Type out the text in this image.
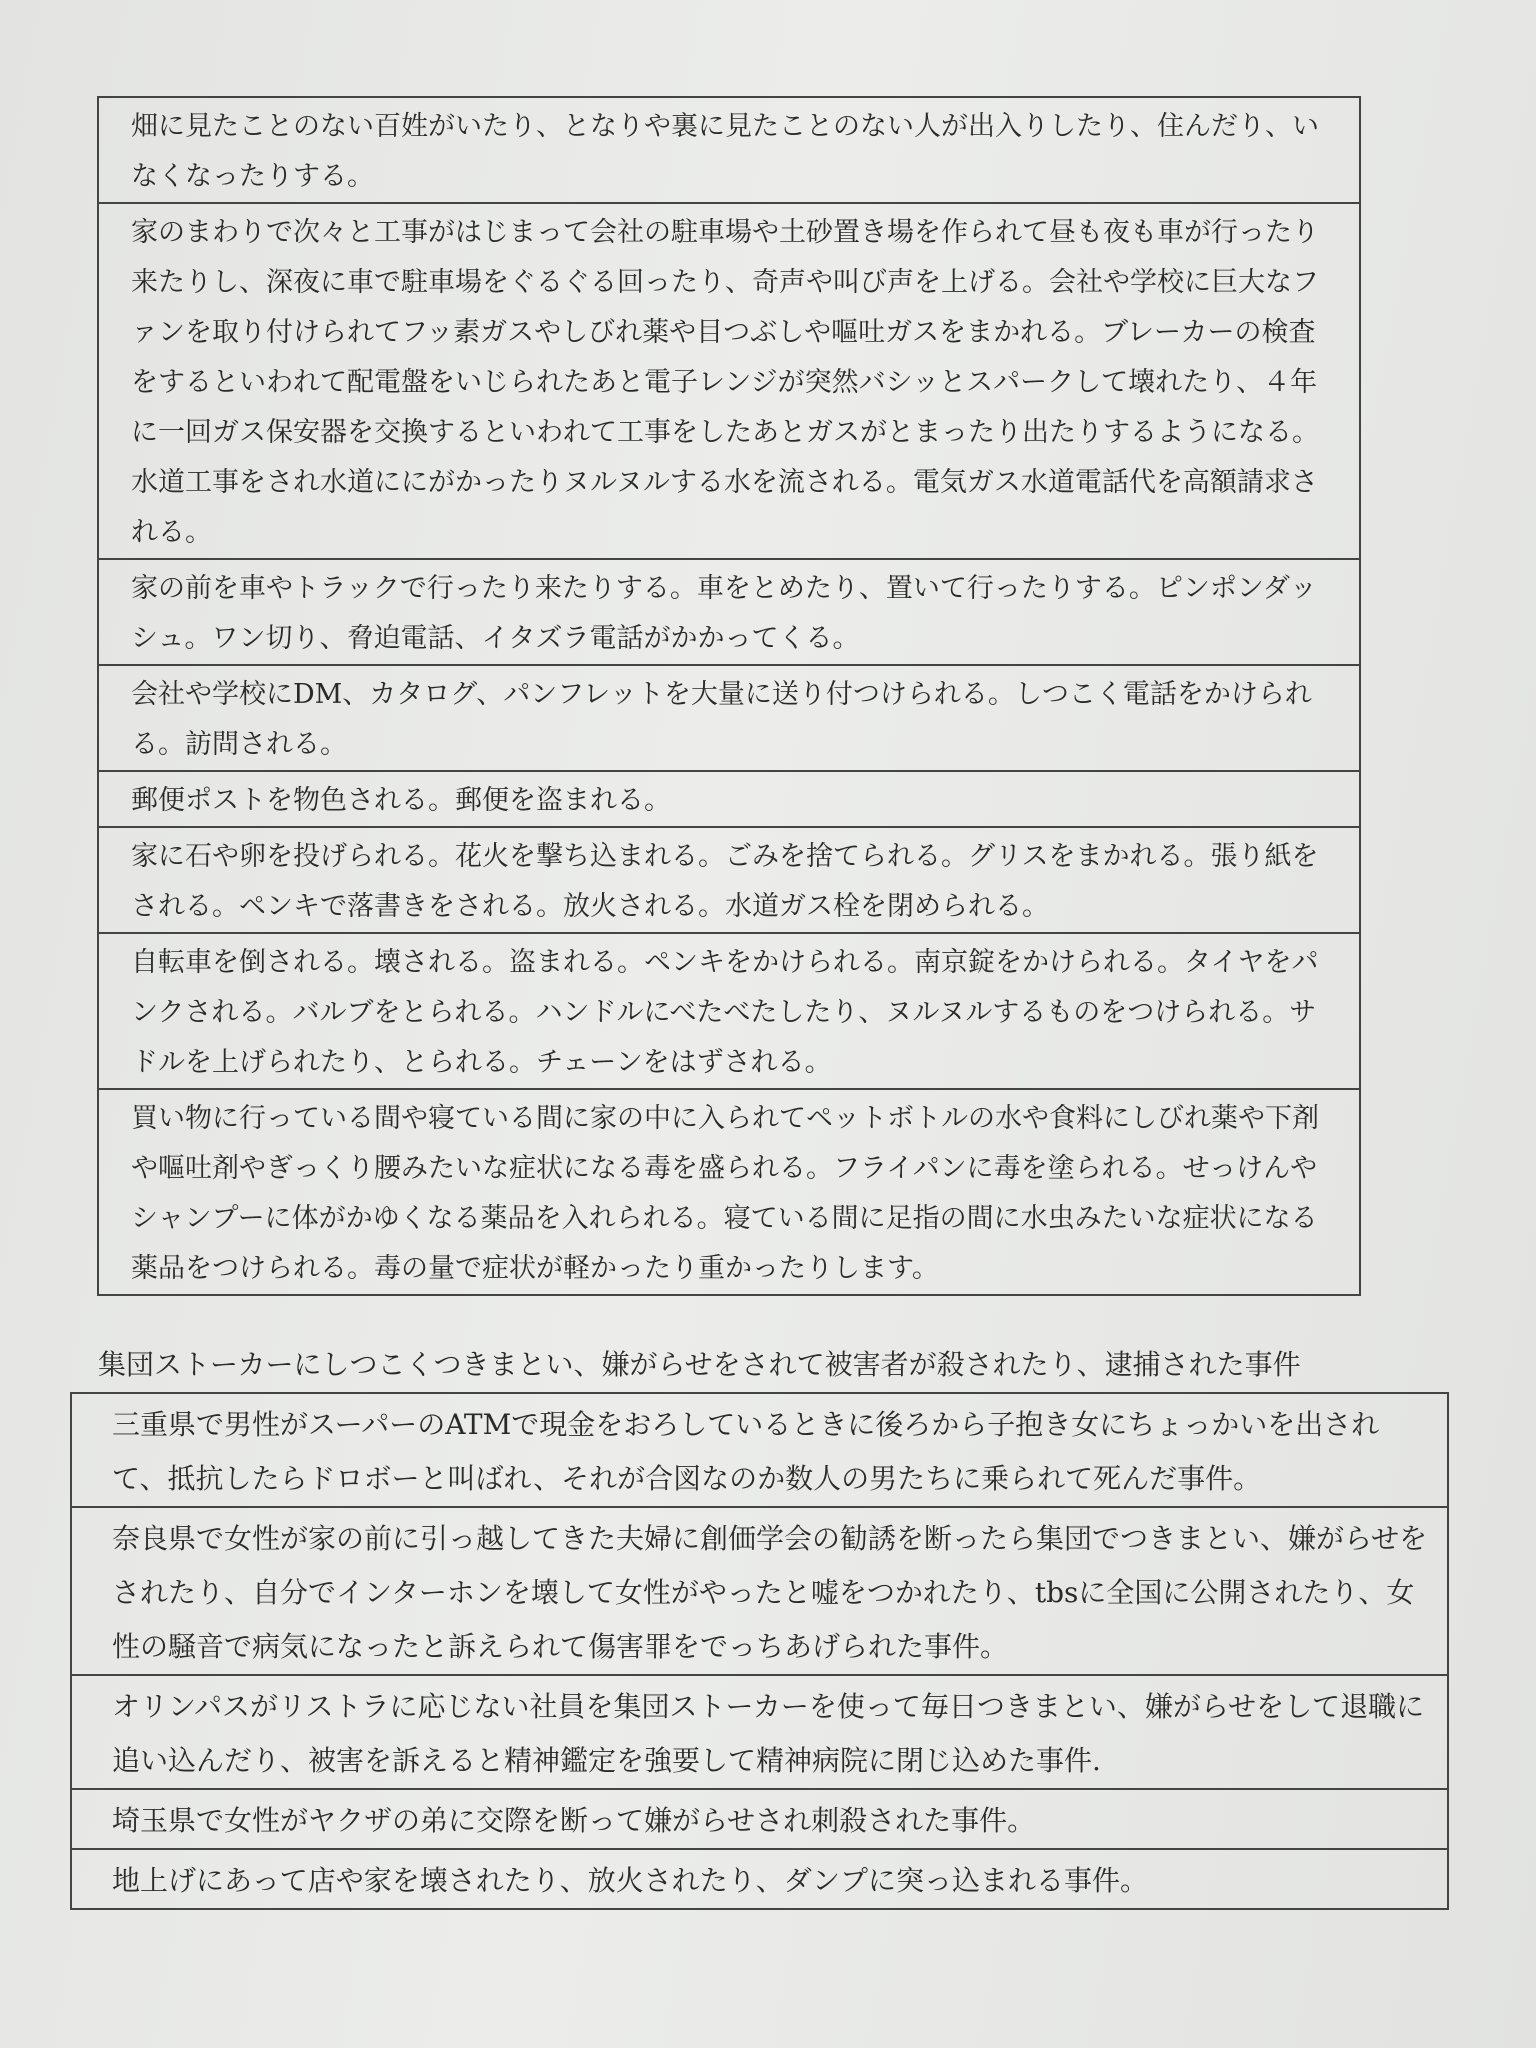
畑に見たことのない百姓がいたり、となりや裏に見たことのない人が出入りしたり、住んだり、いなくなったりする。
家のまわりで次々と工事がはじまって会社の駐車場や土砂置き場を作られて昼も夜も車が行ったり来たりし、深夜に車で駐車場をぐるぐる回ったり、奇声や叫び声を上げる。会社や学校に巨大なファンを取り付けられてフッ素ガスやしびれ薬や目つぶしや嘔吐ガスをまかれる。ブレーカーの検査をするといわれて配電盤をいじられたあと電子レンジが突然バシッとスパークして壊れたり、４年に一回ガス保安器を交換するといわれて工事をしたあとガスがとまったり出たりするようになる。水道工事をされ水道ににがかったりヌルヌルする水を流される。電気ガス水道電話代を高額請求される。
家の前を車やトラックで行ったり来たりする。車をとめたり、置いて行ったりする。ピンポンダッシュ。ワン切り、脅迫電話、イタズラ電話がかかってくる。
会社や学校にDM、カタログ、パンフレットを大量に送り付つけられる。しつこく電話をかけられる。訪問される。
郵便ポストを物色される。郵便を盗まれる。
家に石や卵を投げられる。花火を撃ち込まれる。ごみを捨てられる。グリスをまかれる。張り紙をされる。ペンキで落書きをされる。放火される。水道ガス栓を閉められる。
自転車を倒される。壊される。盗まれる。ペンキをかけられる。南京錠をかけられる。タイヤをパンクされる。バルブをとられる。ハンドルにべたべたしたり、ヌルヌルするものをつけられる。サドルを上げられたり、とられる。チェーンをはずされる。
買い物に行っている間や寝ている間に家の中に入られてペットボトルの水や食料にしびれ薬や下剤や嘔吐剤やぎっくり腰みたいな症状になる毒を盛られる。フライパンに毒を塗られる。せっけんやシャンプーに体がかゆくなる薬品を入れられる。寝ている間に足指の間に水虫みたいな症状になる薬品をつけられる。毒の量で症状が軽かったり重かったりします。
集団ストーカーにしつこくつきまとい、嫌がらせをされて被害者が殺されたり、逮捕された事件
三重県で男性がスーパーのATMで現金をおろしているときに後ろから子抱き女にちょっかいを出されて、抵抗したらドロボーと叫ばれ、それが合図なのか数人の男たちに乗られて死んだ事件。
奈良県で女性が家の前に引っ越してきた夫婦に創価学会の勧誘を断ったら集団でつきまとい、嫌がらせをされたり、自分でインターホンを壊して女性がやったと嘘をつかれたり、tbsに全国に公開されたり、女性の騒音で病気になったと訴えられて傷害罪をでっちあげられた事件。
オリンパスがリストラに応じない社員を集団ストーカーを使って毎日つきまとい、嫌がらせをして退職に追い込んだり、被害を訴えると精神鑑定を強要して精神病院に閉じ込めた事件.
埼玉県で女性がヤクザの弟に交際を断って嫌がらせされ刺殺された事件。
地上げにあって店や家を壊されたり、放火されたり、ダンプに突っ込まれる事件。
